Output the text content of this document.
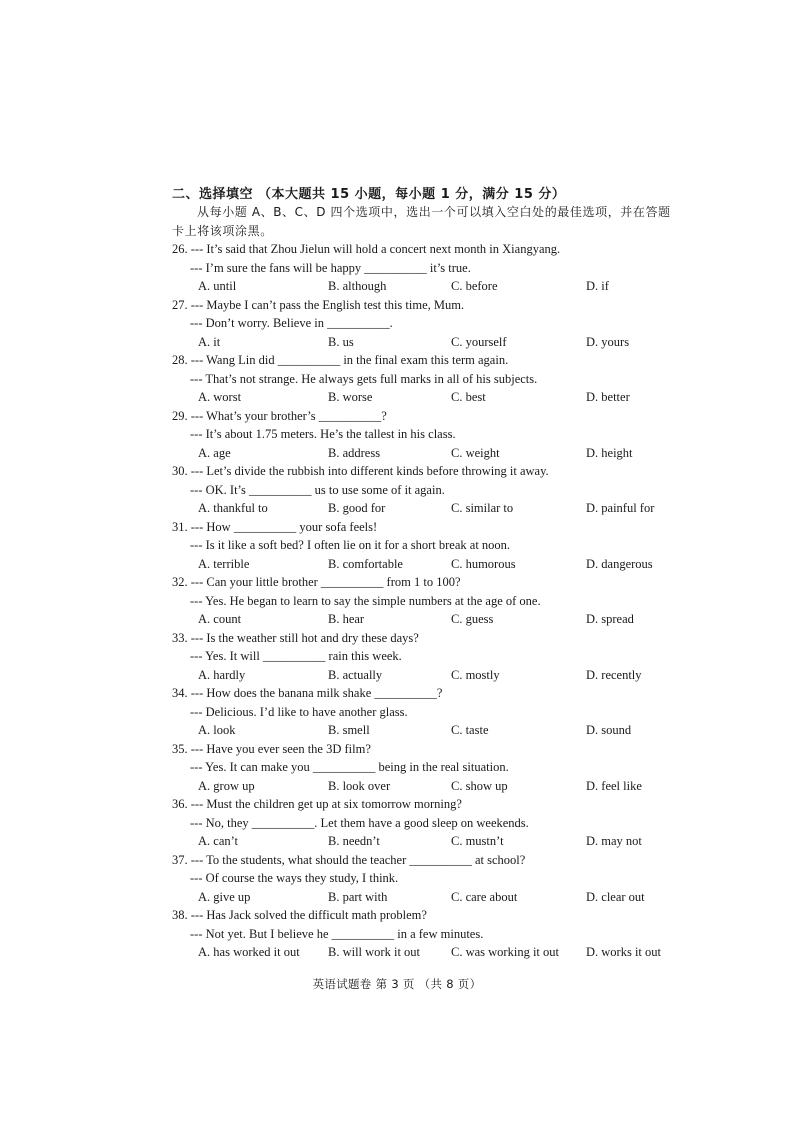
二、选择填空 （本大题共 15 小题，每小题 1 分，满分 15 分）
从每小题 A、B、C、D 四个选项中，选出一个可以填入空白处的最佳选项，并在答题
卡上将该项涂黑。
26. --- It’s said that Zhou Jielun will hold a concert next month in Xiangyang.
--- I’m sure the fans will be happy __________ it’s true.
A. until	B. although	C. before	D. if
27. --- Maybe I can’t pass the English test this time, Mum.
--- Don’t worry. Believe in __________.
A. it	B. us	C. yourself	D. yours
28. --- Wang Lin did __________ in the final exam this term again.
--- That’s not strange. He always gets full marks in all of his subjects.
A. worst	B. worse	C. best	D. better
29. --- What’s your brother’s __________?
--- It’s about 1.75 meters. He’s the tallest in his class.
A. age	B. address	C. weight	D. height
30. --- Let’s divide the rubbish into different kinds before throwing it away.
--- OK. It’s __________ us to use some of it again.
A. thankful to	B. good for	C. similar to	D. painful for
31. --- How __________ your sofa feels!
--- Is it like a soft bed? I often lie on it for a short break at noon.
A. terrible	B. comfortable	C. humorous	D. dangerous
32. --- Can your little brother __________ from 1 to 100?
--- Yes. He began to learn to say the simple numbers at the age of one.
A. count	B. hear	C. guess	D. spread
33. --- Is the weather still hot and dry these days?
--- Yes. It will __________ rain this week.
A. hardly	B. actually	C. mostly	D. recently
34. --- How does the banana milk shake __________?
--- Delicious. I’d like to have another glass.
A. look	B. smell	C. taste	D. sound
35. --- Have you ever seen the 3D film?
--- Yes. It can make you __________ being in the real situation.
A. grow up	B. look over	C. show up	D. feel like
36. --- Must the children get up at six tomorrow morning?
--- No, they __________. Let them have a good sleep on weekends.
A. can’t	B. needn’t	C. mustn’t	D. may not
37. --- To the students, what should the teacher __________ at school?
--- Of course the ways they study, I think.
A. give up	B. part with	C. care about	D. clear out
38. --- Has Jack solved the difficult math problem?
--- Not yet. But I believe he __________ in a few minutes.
A. has worked it out B. will work it out C. was working it out D. works it out
英语试题卷 第 3 页 （共 8 页）
